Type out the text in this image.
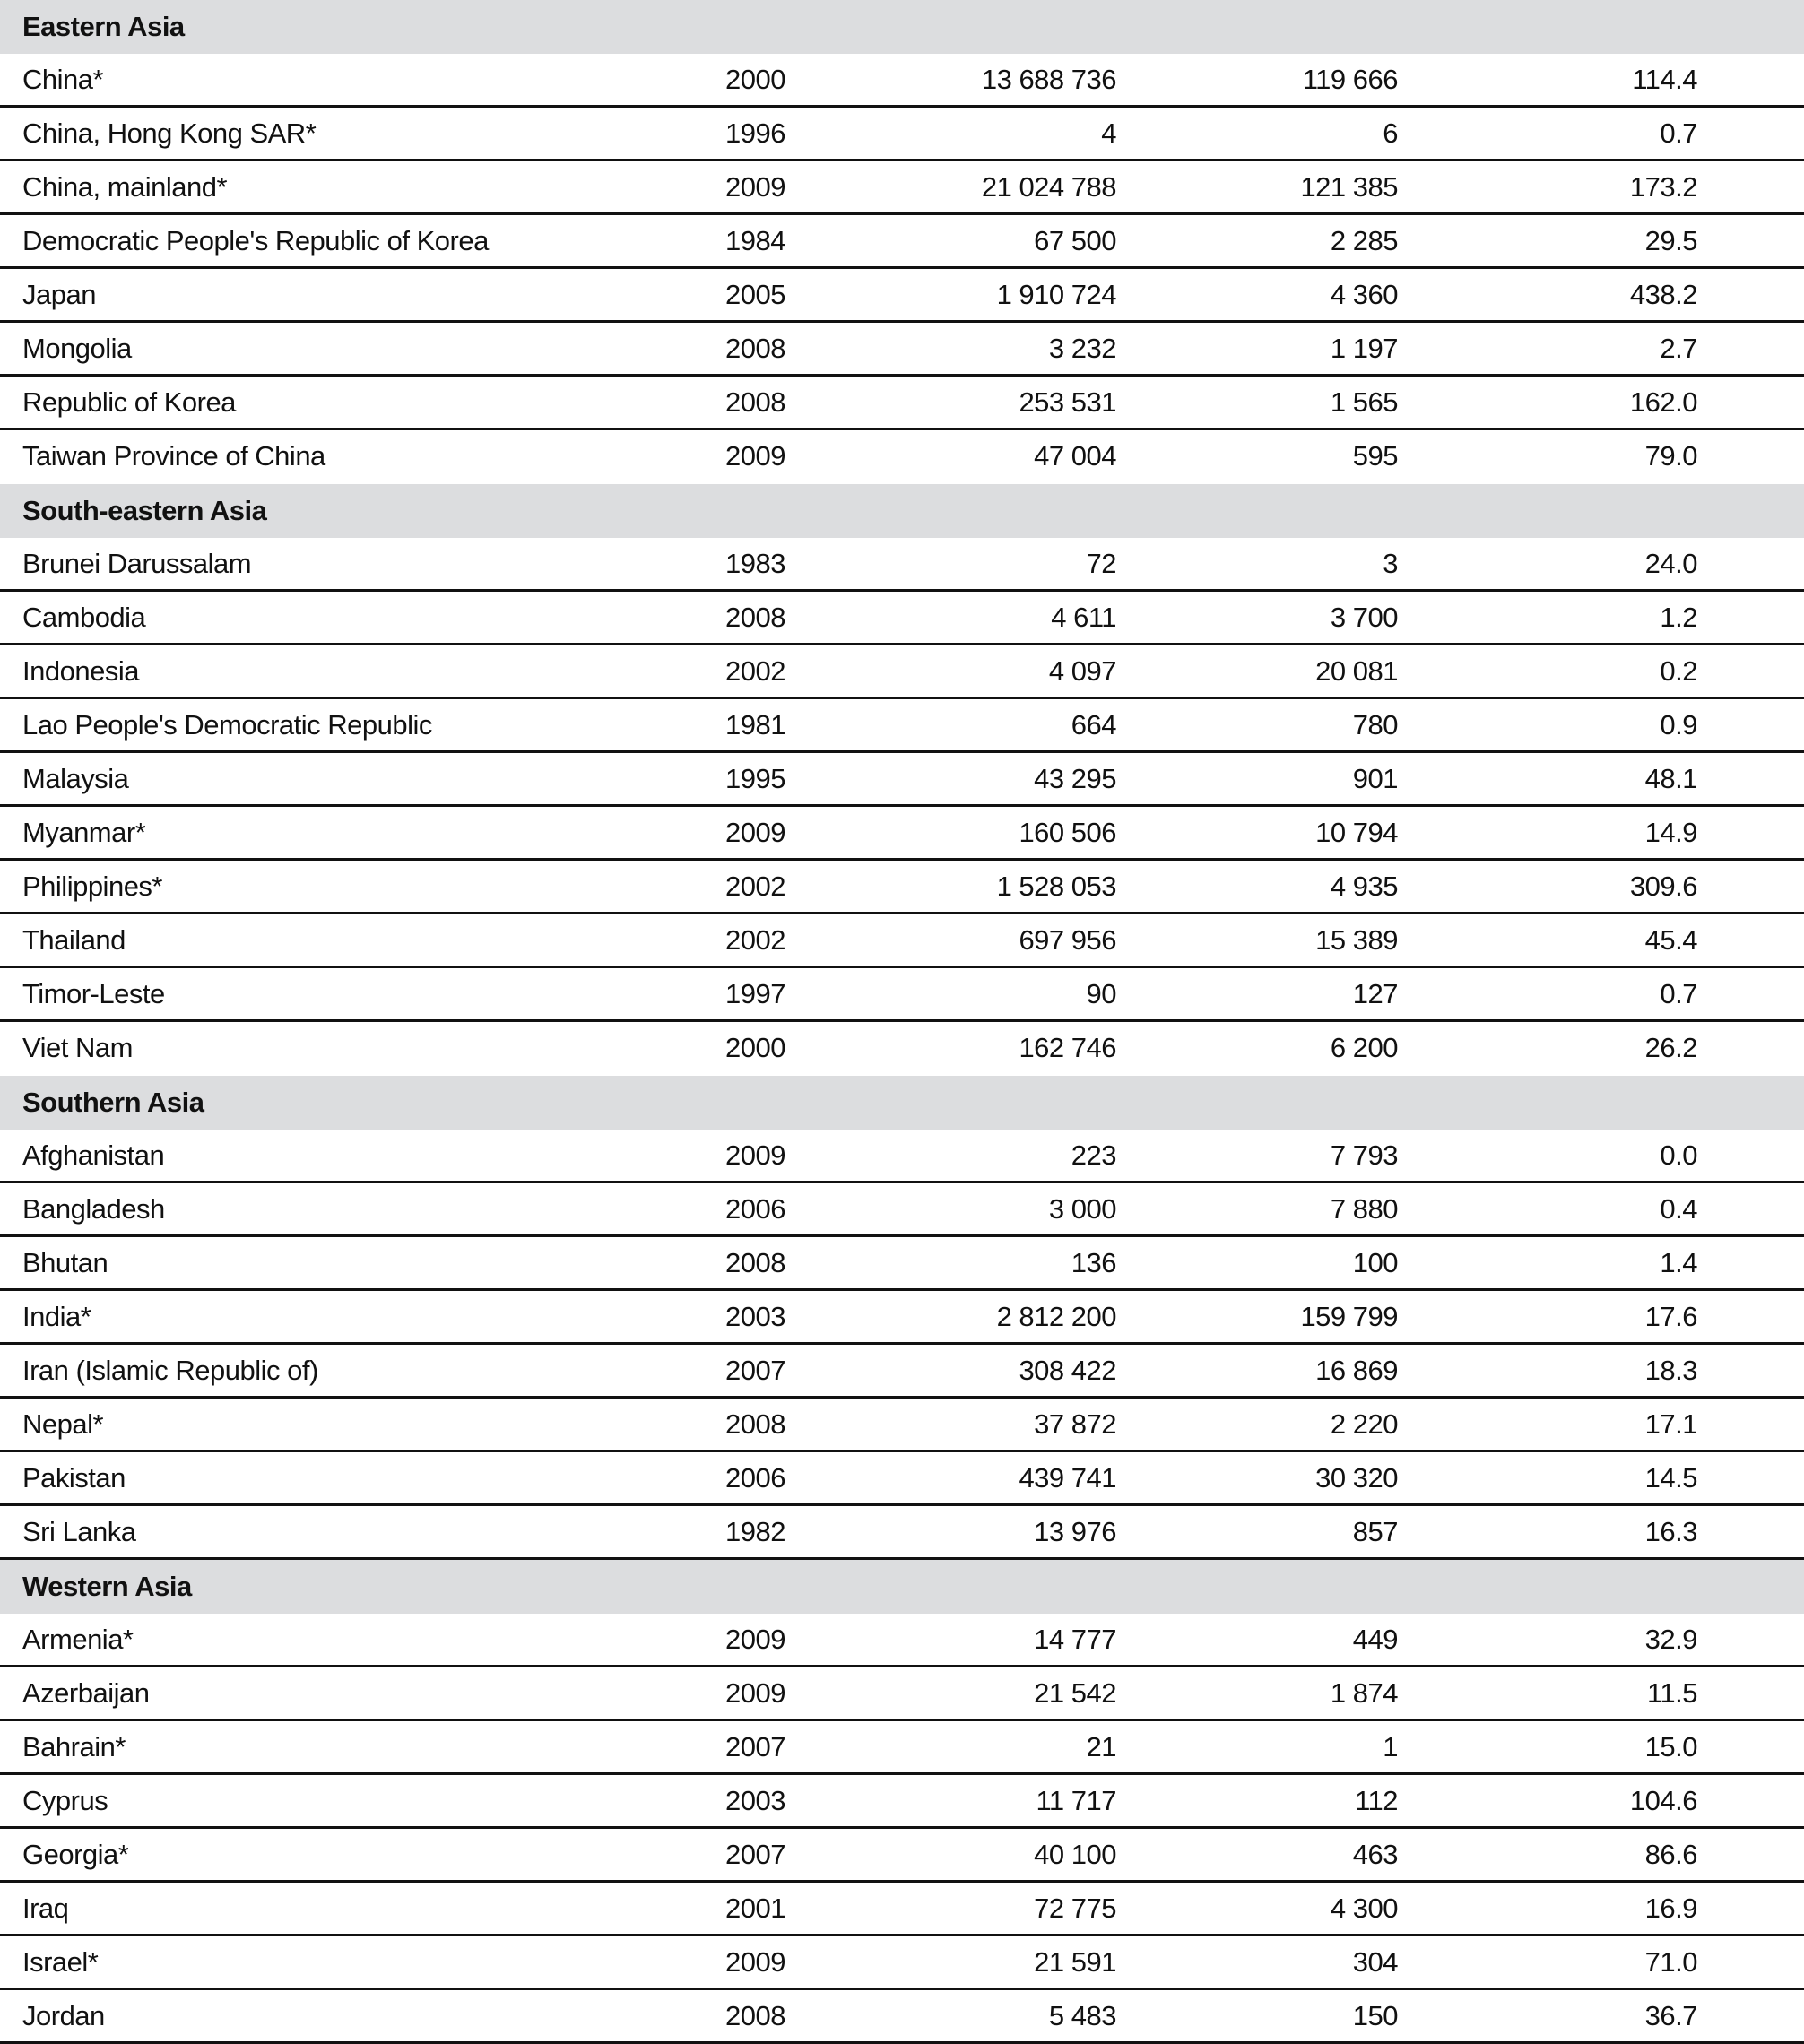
Eastern Asia
China*	2000	13 688 736	119 666	114.4
China, Hong Kong SAR*	1996	4	6	0.7
China, mainland*	2009	21 024 788	121 385	173.2
Democratic People's Republic of Korea	1984	67 500	2 285	29.5
Japan	2005	1 910 724	4 360	438.2
Mongolia	2008	3 232	1 197	2.7
Republic of Korea	2008	253 531	1 565	162.0
Taiwan Province of China	2009	47 004	595	79.0
South-eastern Asia
Brunei Darussalam	1983	72	3	24.0
Cambodia	2008	4 611	3 700	1.2
Indonesia	2002	4 097	20 081	0.2
Lao People's Democratic Republic	1981	664	780	0.9
Malaysia	1995	43 295	901	48.1
Myanmar*	2009	160 506	10 794	14.9
Philippines*	2002	1 528 053	4 935	309.6
Thailand	2002	697 956	15 389	45.4
Timor-Leste	1997	90	127	0.7
Viet Nam	2000	162 746	6 200	26.2
Southern Asia
Afghanistan	2009	223	7 793	0.0
Bangladesh	2006	3 000	7 880	0.4
Bhutan	2008	136	100	1.4
India*	2003	2 812 200	159 799	17.6
Iran (Islamic Republic of)	2007	308 422	16 869	18.3
Nepal*	2008	37 872	2 220	17.1
Pakistan	2006	439 741	30 320	14.5
Sri Lanka	1982	13 976	857	16.3
Western Asia
Armenia*	2009	14 777	449	32.9
Azerbaijan	2009	21 542	1 874	11.5
Bahrain*	2007	21	1	15.0
Cyprus	2003	11 717	112	104.6
Georgia*	2007	40 100	463	86.6
Iraq	2001	72 775	4 300	16.9
Israel*	2009	21 591	304	71.0
Jordan	2008	5 483	150	36.7
